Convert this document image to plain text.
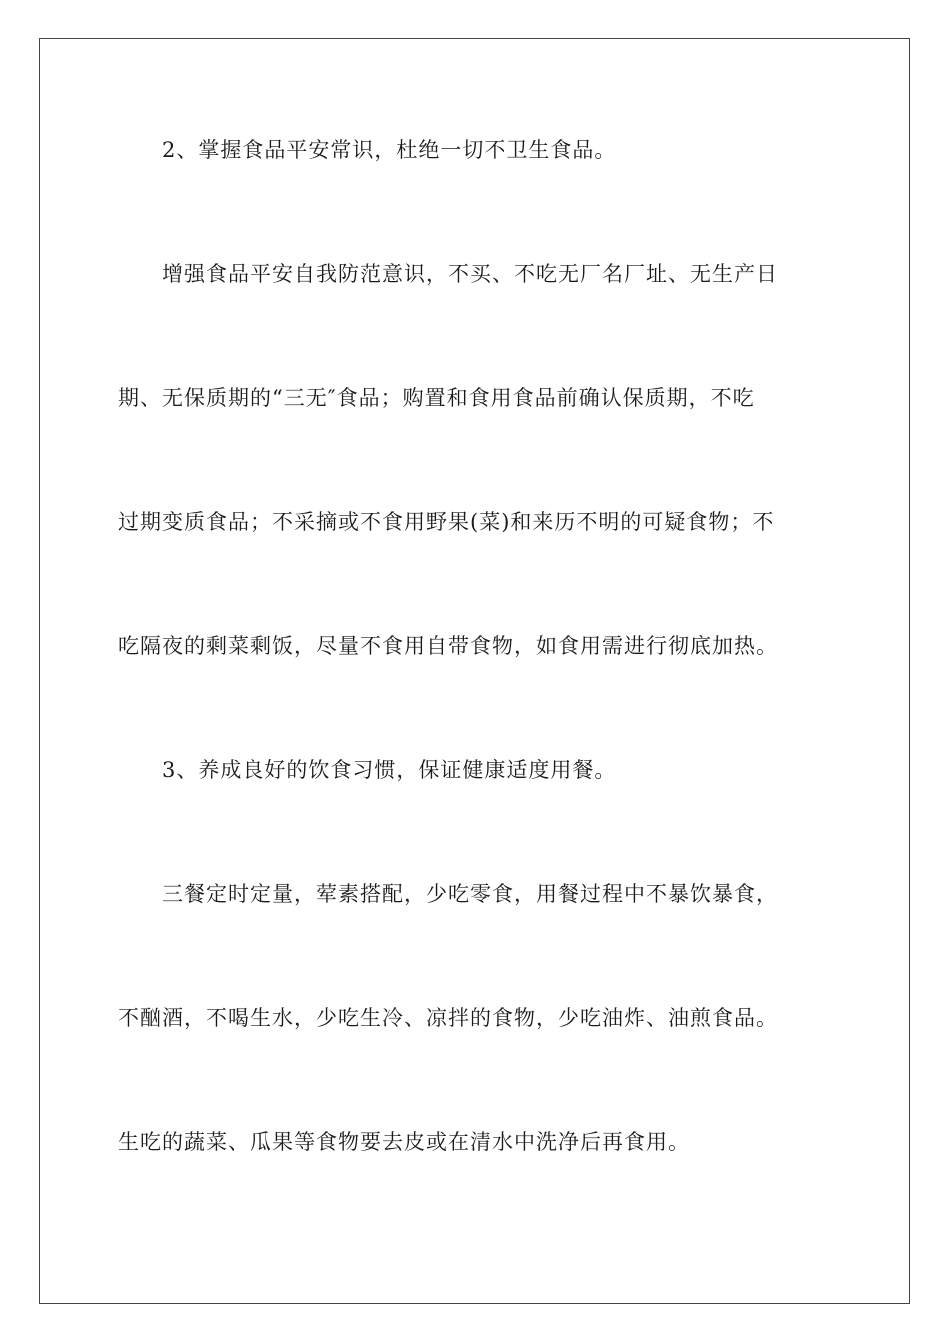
2、掌握食品平安常识，杜绝一切不卫生食品。
增强食品平安自我防范意识，不买、不吃无厂名厂址、无生产日
期、无保质期的“三无″食品；购置和食用食品前确认保质期，不吃
过期变质食品；不采摘或不食用野果(菜)和来历不明的可疑食物；不
吃隔夜的剩菜剩饭，尽量不食用自带食物，如食用需进行彻底加热。
3、养成良好的饮食习惯，保证健康适度用餐。
三餐定时定量，荤素搭配，少吃零食，用餐过程中不暴饮暴食，
不酗酒，不喝生水，少吃生冷、凉拌的食物，少吃油炸、油煎食品。
生吃的蔬菜、瓜果等食物要去皮或在清水中洗净后再食用。
